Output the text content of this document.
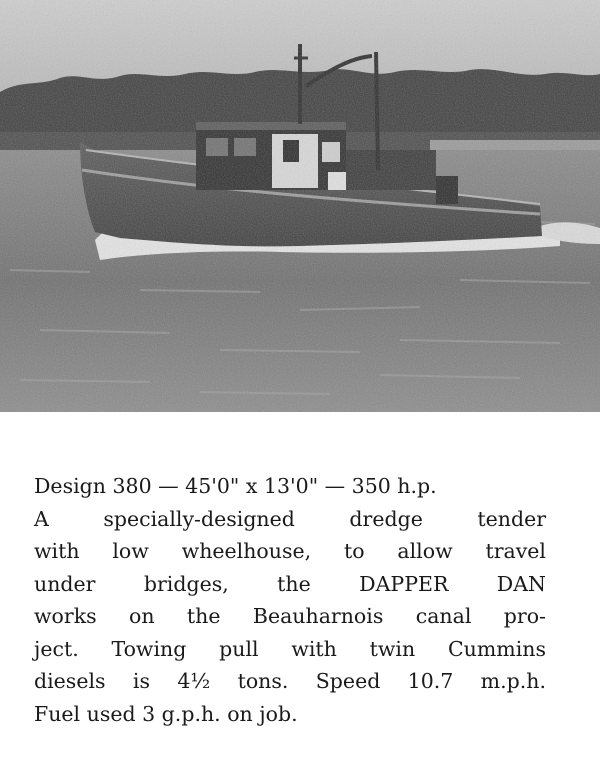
Design 380 — 45'0" x 13'0" — 350 h.p.
A specially-designed dredge tender
with low wheelhouse, to allow travel
under bridges, the DAPPER DAN
works on the Beauharnois canal pro-
ject. Towing pull with twin Cummins
diesels is 4½ tons. Speed 10.7 m.p.h.
Fuel used 3 g.p.h. on job.
